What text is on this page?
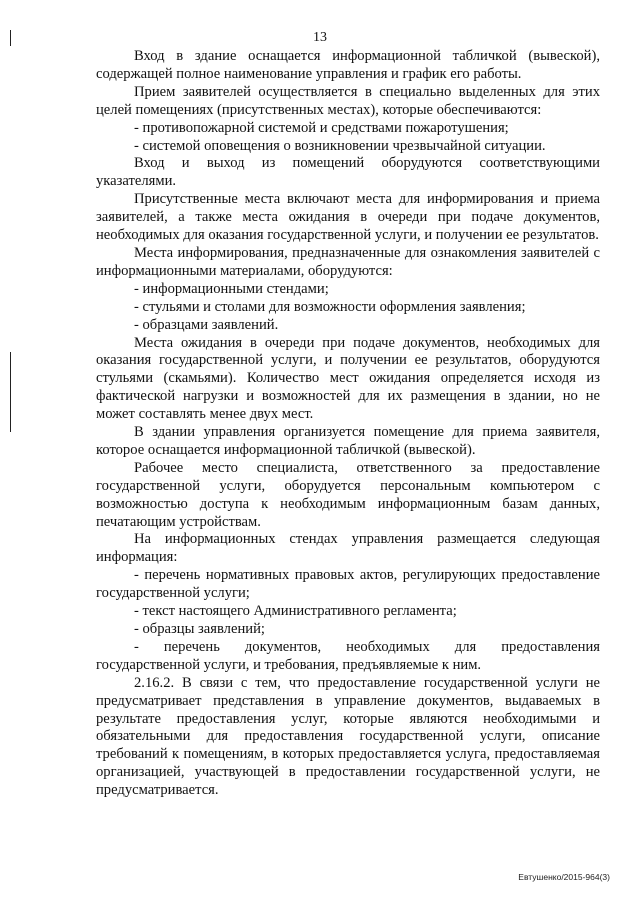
13

Вход в здание оснащается информационной табличкой (вывеской), содержащей полное наименование управления и график его работы.

Прием заявителей осуществляется в специально выделенных для этих целей помещениях (присутственных местах), которые обеспечиваются:

- противопожарной системой и средствами пожаротушения;

- системой оповещения о возникновении чрезвычайной ситуации.

Вход и выход из помещений оборудуются соответствующими указателями.

Присутственные места включают места для информирования и приема заявителей, а также места ожидания в очереди при подаче документов, необходимых для оказания государственной услуги, и получении ее результатов.

Места информирования, предназначенные для ознакомления заявителей с информационными материалами, оборудуются:

- информационными стендами;

- стульями и столами для возможности оформления заявления;

- образцами заявлений.

Места ожидания в очереди при подаче документов, необходимых для оказания государственной услуги, и получении ее результатов, оборудуются стульями (скамьями). Количество мест ожидания определяется исходя из фактической нагрузки и возможностей для их размещения в здании, но не может составлять менее двух мест.

В здании управления организуется помещение для приема заявителя, которое оснащается информационной табличкой (вывеской).

Рабочее место специалиста, ответственного за предоставление государственной услуги, оборудуется персональным компьютером с возможностью доступа к необходимым информационным базам данных, печатающим устройствам.

На информационных стендах управления размещается следующая информация:

- перечень нормативных правовых актов, регулирующих предоставление государственной услуги;

- текст настоящего Административного регламента;

- образцы заявлений;

- перечень документов, необходимых для предоставления государственной услуги, и требования, предъявляемые к ним.

2.16.2. В связи с тем, что предоставление государственной услуги не предусматривает представления в управление документов, выдаваемых в результате предоставления услуг, которые являются необходимыми и обязательными для предоставления государственной услуги, описание требований к помещениям, в которых предоставляется услуга, предоставляемая организацией, участвующей в предоставлении государственной услуги, не предусматривается.

Евтушенко/2015-964(3)
